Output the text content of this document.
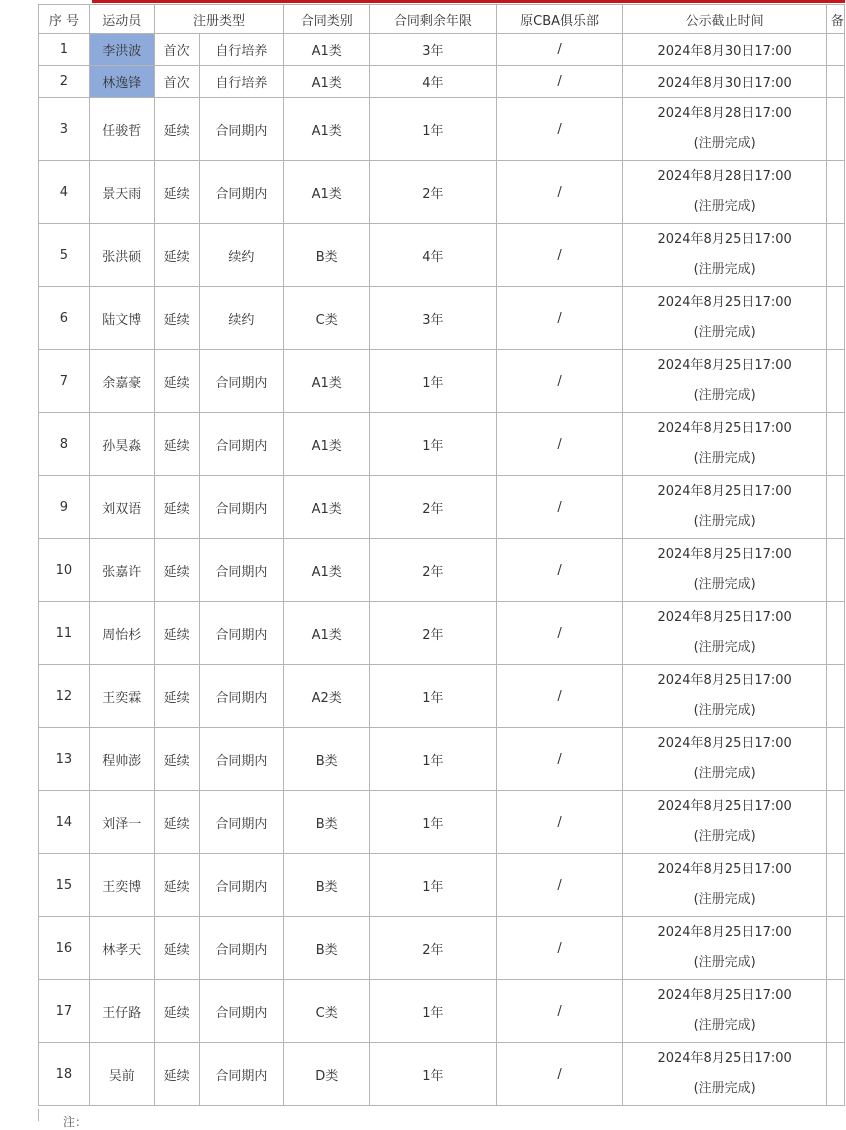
序 号	运动员	注册类型		合同类别	合同剩余年限	原CBA俱乐部	公示截止时间	备
1	李洪波	首次	自行培养	A1类	3年	/	2024年8月30日17:00	

2	林逸锋	首次	自行培养	A1类	4年	/	2024年8月30日17:00	

3	任骏哲	延续	合同期内	A1类	1年	/	2024年8月28日17:00
(注册完成)	

4	景天雨	延续	合同期内	A1类	2年	/	2024年8月28日17:00
(注册完成)	

5	张洪硕	延续	续约	B类	4年	/	2024年8月25日17:00
(注册完成)	

6	陆文博	延续	续约	C类	3年	/	2024年8月25日17:00
(注册完成)	

7	余嘉豪	延续	合同期内	A1类	1年	/	2024年8月25日17:00
(注册完成)	

8	孙昊淼	延续	合同期内	A1类	1年	/	2024年8月25日17:00
(注册完成)	

9	刘双语	延续	合同期内	A1类	2年	/	2024年8月25日17:00
(注册完成)	

10	张嘉许	延续	合同期内	A1类	2年	/	2024年8月25日17:00
(注册完成)	

11	周怡杉	延续	合同期内	A1类	2年	/	2024年8月25日17:00
(注册完成)	

12	王奕霖	延续	合同期内	A2类	1年	/	2024年8月25日17:00
(注册完成)	

13	程帅澎	延续	合同期内	B类	1年	/	2024年8月25日17:00
(注册完成)	

14	刘泽一	延续	合同期内	B类	1年	/	2024年8月25日17:00
(注册完成)	

15	王奕博	延续	合同期内	B类	1年	/	2024年8月25日17:00
(注册完成)	

16	林孝天	延续	合同期内	B类	2年	/	2024年8月25日17:00
(注册完成)	

17	王仔路	延续	合同期内	C类	1年	/	2024年8月25日17:00
(注册完成)	

18	吴前	延续	合同期内	D类	1年	/	2024年8月25日17:00
(注册完成)	

注：
